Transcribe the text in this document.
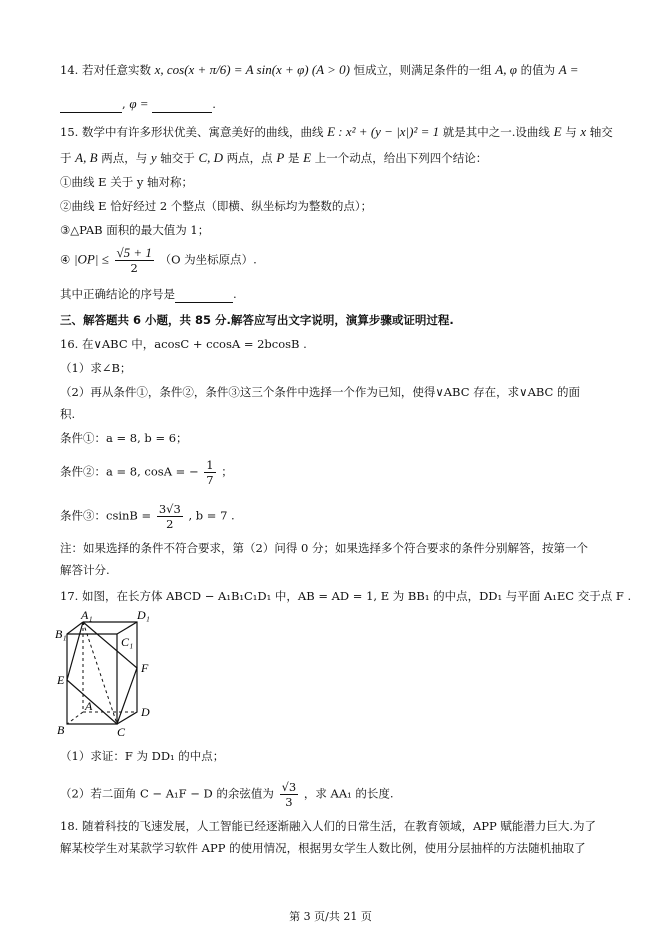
14. 若对任意实数 x, cos(x + π/6) = A sin(x + φ) (A > 0) 恒成立，则满足条件的一组 A, φ 的值为 A =
, φ =	.
15. 数学中有许多形状优美、寓意美好的曲线，曲线 E : x² + (y − |x|)² = 1 就是其中之一.设曲线 E 与 x 轴交
于 A, B 两点，与 y 轴交于 C, D 两点，点 P 是 E 上一个动点，给出下列四个结论：
①曲线 E 关于 y 轴对称；
②曲线 E 恰好经过 2 个整点（即横、纵坐标均为整数的点）；
③△PAB 面积的最大值为 1；
④ $|OP| \le \frac{√5 + 1}{2} (O$ 为坐标原点）.
其中正确结论的序号是	.
三、解答题共 6 小题，共 85 分.解答应写出文字说明，演算步骤或证明过程.
16. 在∨ABC 中，acosC + ccosA = 2bcosB .
（1）求∠B；
（2）再从条件①，条件②，条件③这三个条件中选择一个作为已知，使得∨ABC 存在，求∨ABC 的面
积.
条件①：a = 8, b = 6；
条件②：a = 8, cosA = − $\frac{1}{7}$ ；
条件③：$csinB = \frac{3√3}{2}$ , b = 7 .
注：如果选择的条件不符合要求，第（2）问得 0 分；如果选择多个符合要求的条件分别解答，按第一个
解答计分.
17. 如图，在长方体 ABCD − A₁B₁C₁D₁ 中，AB = AD = 1, E 为 BB₁ 的中点，DD₁ 与平面 A₁EC 交于点 F .
A₁	D₁
B₁
C₁
E
F
A	D
B	C
（1）求证：F 为 DD₁ 的中点；
（2）若二面角 C − A₁F − D 的余弦值为 $\frac{√3}{3}$ ，求 AA₁ 的长度.
18. 随着科技的飞速发展，人工智能已经逐渐融入人们的日常生活，在教育领域，APP 赋能潜力巨大.为了
解某校学生对某款学习软件 APP 的使用情况，根据男女学生人数比例，使用分层抽样的方法随机抽取了
第 3 页/共 21 页
